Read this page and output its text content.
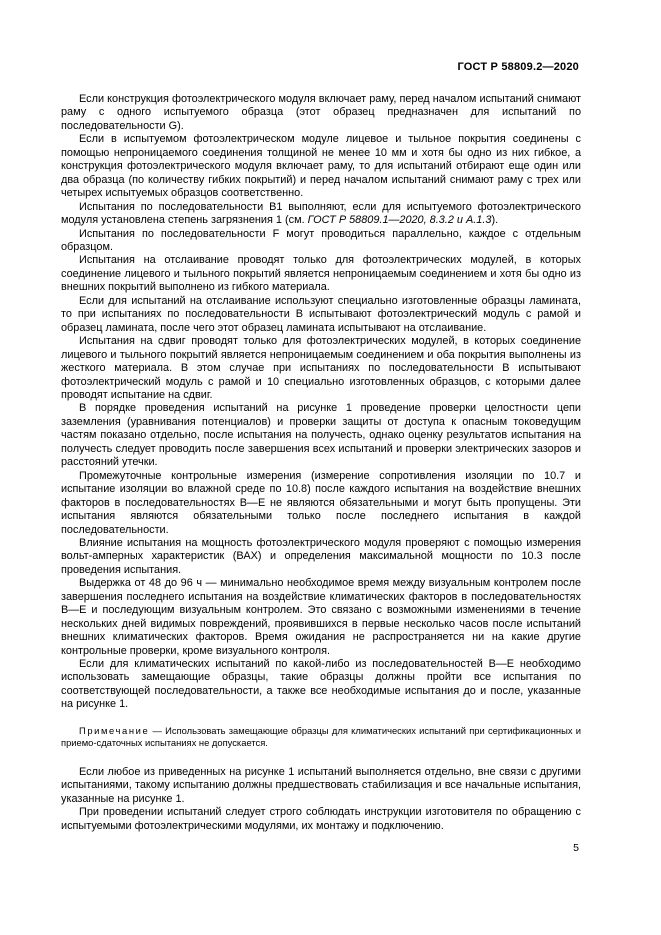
ГОСТ Р 58809.2—2020

Если конструкция фотоэлектрического модуля включает раму, перед началом испытаний снимают раму с одного испытуемого образца (этот образец предназначен для испытаний по последовательности G).

Если в испытуемом фотоэлектрическом модуле лицевое и тыльное покрытия соединены с помощью непроницаемого соединения толщиной не менее 10 мм и хотя бы одно из них гибкое, а конструкция фотоэлектрического модуля включает раму, то для испытаний отбирают еще один или два образца (по количеству гибких покрытий) и перед началом испытаний снимают раму с трех или четырех испытуемых образцов соответственно.

Испытания по последовательности B1 выполняют, если для испытуемого фотоэлектрического модуля установлена степень загрязнения 1 (см. ГОСТ Р 58809.1—2020, 8.3.2 и А.1.3).

Испытания по последовательности F могут проводиться параллельно, каждое с отдельным образцом.

Испытания на отслаивание проводят только для фотоэлектрических модулей, в которых соединение лицевого и тыльного покрытий является непроницаемым соединением и хотя бы одно из внешних покрытий выполнено из гибкого материала.

Если для испытаний на отслаивание используют специально изготовленные образцы ламината, то при испытаниях по последовательности B испытывают фотоэлектрический модуль с рамой и образец ламината, после чего этот образец ламината испытывают на отслаивание.

Испытания на сдвиг проводят только для фотоэлектрических модулей, в которых соединение лицевого и тыльного покрытий является непроницаемым соединением и оба покрытия выполнены из жесткого материала. В этом случае при испытаниях по последовательности B испытывают фотоэлектрический модуль с рамой и 10 специально изготовленных образцов, с которыми далее проводят испытание на сдвиг.

В порядке проведения испытаний на рисунке 1 проведение проверки целостности цепи заземления (уравнивания потенциалов) и проверки защиты от доступа к опасным токоведущим частям показано отдельно, после испытания на получесть, однако оценку результатов испытания на получесть следует проводить после завершения всех испытаний и проверки электрических зазоров и расстояний утечки.

Промежуточные контрольные измерения (измерение сопротивления изоляции по 10.7 и испытание изоляции во влажной среде по 10.8) после каждого испытания на воздействие внешних факторов в последовательностях B—E не являются обязательными и могут быть пропущены. Эти испытания являются обязательными только после последнего испытания в каждой последовательности.

Влияние испытания на мощность фотоэлектрического модуля проверяют с помощью измерения вольт-амперных характеристик (ВАХ) и определения максимальной мощности по 10.3 после проведения испытания.

Выдержка от 48 до 96 ч — минимально необходимое время между визуальным контролем после завершения последнего испытания на воздействие климатических факторов в последовательностях B—E и последующим визуальным контролем. Это связано с возможными изменениями в течение нескольких дней видимых повреждений, проявившихся в первые несколько часов после испытаний внешних климатических факторов. Время ожидания не распространяется ни на какие другие контрольные проверки, кроме визуального контроля.

Если для климатических испытаний по какой-либо из последовательностей B—E необходимо использовать замещающие образцы, такие образцы должны пройти все испытания по соответствующей последовательности, а также все необходимые испытания до и после, указанные на рисунке 1.

Примечание — Использовать замещающие образцы для климатических испытаний при сертификационных и приемо-сдаточных испытаниях не допускается.

Если любое из приведенных на рисунке 1 испытаний выполняется отдельно, вне связи с другими испытаниями, такому испытанию должны предшествовать стабилизация и все начальные испытания, указанные на рисунке 1.

При проведении испытаний следует строго соблюдать инструкции изготовителя по обращению с испытуемыми фотоэлектрическими модулями, их монтажу и подключению.

5
